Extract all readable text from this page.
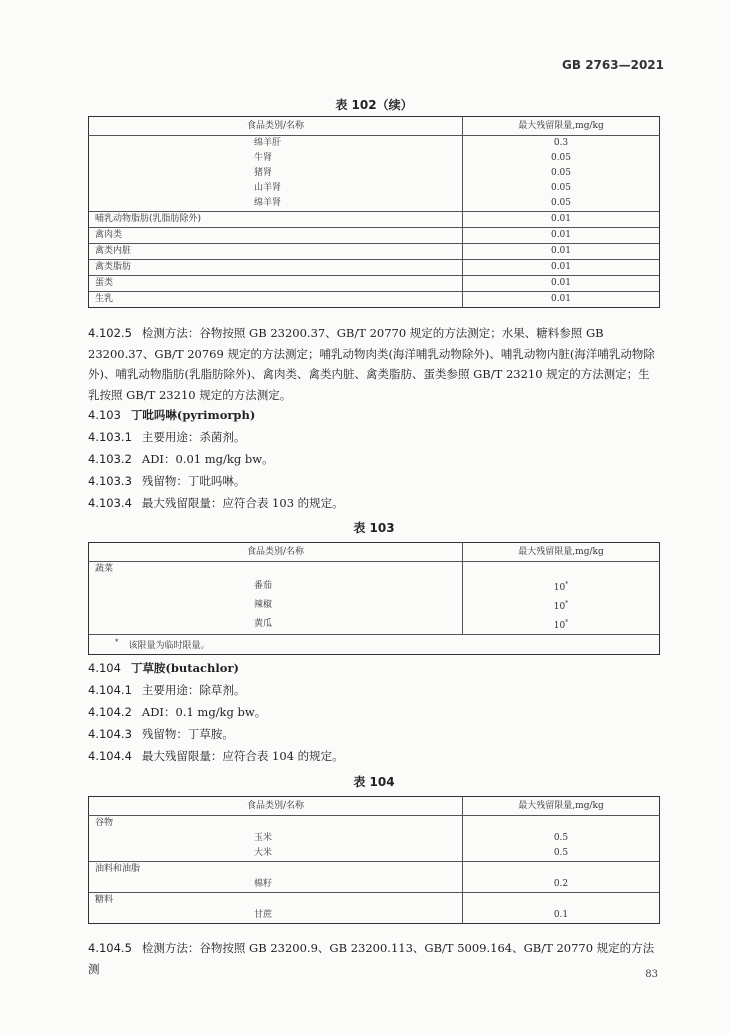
GB 2763—2021
表 102（续）
食品类别/名称	最大残留限量,mg/kg
绵羊肝	0.3
牛肾	0.05
猪肾	0.05
山羊肾	0.05
绵羊肾	0.05
哺乳动物脂肪(乳脂肪除外)	0.01
禽肉类	0.01
禽类内脏	0.01
禽类脂肪	0.01
蛋类	0.01
生乳	0.01
4.102.5 检测方法：谷物按照 GB 23200.37、GB/T 20770 规定的方法测定；水果、糖料参照 GB 23200.37、GB/T 20769 规定的方法测定；哺乳动物肉类(海洋哺乳动物除外)、哺乳动物内脏(海洋哺乳动物除外)、哺乳动物脂肪(乳脂肪除外)、禽肉类、禽类内脏、禽类脂肪、蛋类参照 GB/T 23210 规定的方法测定；生乳按照 GB/T 23210 规定的方法测定。
4.103 丁吡吗啉(pyrimorph)
4.103.1 主要用途：杀菌剂。
4.103.2 ADI：0.01 mg/kg bw。
4.103.3 残留物：丁吡吗啉。
4.103.4 最大残留限量：应符合表 103 的规定。
表 103
食品类别/名称	最大残留限量,mg/kg
蔬菜	
番茄	10*
辣椒	10*
黄瓜	10*
* 该限量为临时限量。	
4.104 丁草胺(butachlor)
4.104.1 主要用途：除草剂。
4.104.2 ADI：0.1 mg/kg bw。
4.104.3 残留物：丁草胺。
4.104.4 最大残留限量：应符合表 104 的规定。
表 104
食品类别/名称	最大残留限量,mg/kg
谷物	
玉米	0.5
大米	0.5
油料和油脂	
棉籽	0.2
糖料	
甘蔗	0.1
4.104.5 检测方法：谷物按照 GB 23200.9、GB 23200.113、GB/T 5009.164、GB/T 20770 规定的方法测	83
